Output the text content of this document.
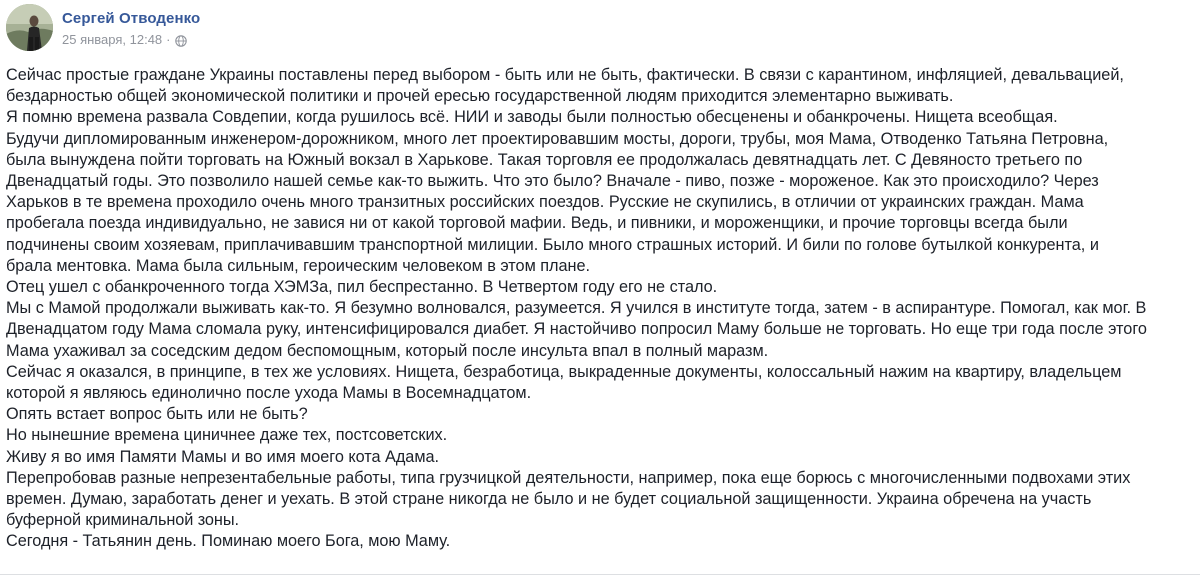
Сергей Отводенко
25 января, 12:48 ·
Сейчас простые граждане Украины поставлены перед выбором - быть или не быть, фактически. В связи с карантином, инфляцией, девальвацией,
бездарностью общей экономической политики и прочей ересью государственной людям приходится элементарно выживать.
Я помню времена развала Совдепии, когда рушилось всё. НИИ и заводы были полностью обесценены и обанкрочены. Нищета всеобщая.
Будучи дипломированным инженером-дорожником, много лет проектировавшим мосты, дороги, трубы, моя Мама, Отводенко Татьяна Петровна,
была вынуждена пойти торговать на Южный вокзал в Харькове. Такая торговля ее продолжалась девятнадцать лет. С Девяносто третьего по
Двенадцатый годы. Это позволило нашей семье как-то выжить. Что это было? Вначале - пиво, позже - мороженое. Как это происходило? Через
Харьков в те времена проходило очень много транзитных российских поездов. Русские не скупились, в отличии от украинских граждан. Мама
пробегала поезда индивидуально, не завися ни от какой торговой мафии. Ведь, и пивники, и мороженщики, и прочие торговцы всегда были
подчинены своим хозяевам, приплачивавшим транспортной милиции. Было много страшных историй. И били по голове бутылкой конкурента, и
брала ментовка. Мама была сильным, героическим человеком в этом плане.
Отец ушел с обанкроченного тогда ХЭМЗа, пил беспрестанно. В Четвертом году его не стало.
Мы с Мамой продолжали выживать как-то. Я безумно волновался, разумеется. Я учился в институте тогда, затем - в аспирантуре. Помогал, как мог. В
Двенадцатом году Мама сломала руку, интенсифицировался диабет. Я настойчиво попросил Маму больше не торговать. Но еще три года после этого
Мама ухаживал за соседским дедом беспомощным, который после инсульта впал в полный маразм.
Сейчас я оказался, в принципе, в тех же условиях. Нищета, безработица, выкраденные документы, колоссальный нажим на квартиру, владельцем
которой я являюсь единолично после ухода Мамы в Восемнадцатом.
Опять встает вопрос быть или не быть?
Но нынешние времена циничнее даже тех, постсоветских.
Живу я во имя Памяти Мамы и во имя моего кота Адама.
Перепробовав разные непрезентабельные работы, типа грузчицкой деятельности, например, пока еще борюсь с многочисленными подвохами этих
времен. Думаю, заработать денег и уехать. В этой стране никогда не было и не будет социальной защищенности. Украина обречена на участь
буферной криминальной зоны.
Сегодня - Татьянин день. Поминаю моего Бога, мою Маму.
